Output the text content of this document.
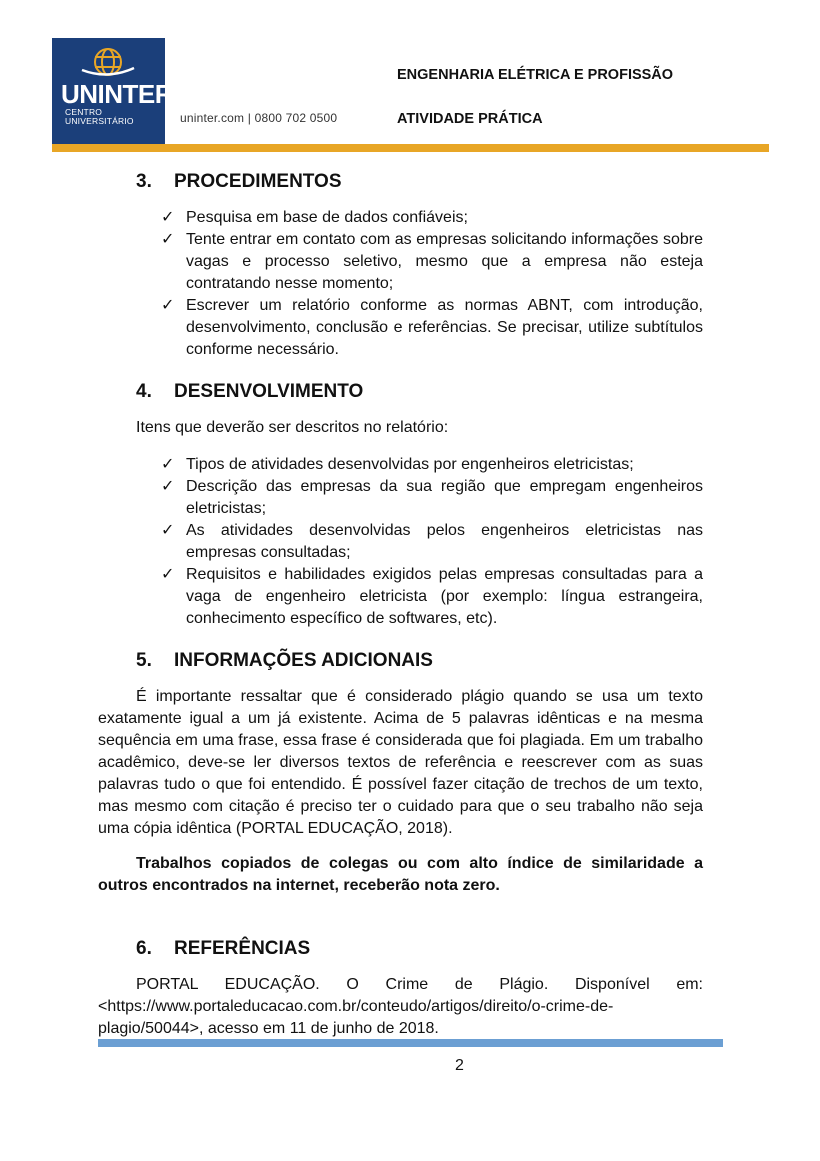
UNINTER
CENTRO
UNIVERSITÁRIO	uninter.com | 0800 702 0500
ENGENHARIA ELÉTRICA E PROFISSÃO
ATIVIDADE PRÁTICA
3. PROCEDIMENTOS
✓ Pesquisa em base de dados confiáveis;
✓ Tente entrar em contato com as empresas solicitando informações sobre vagas e processo seletivo, mesmo que a empresa não esteja contratando nesse momento;
✓ Escrever um relatório conforme as normas ABNT, com introdução, desenvolvimento, conclusão e referências. Se precisar, utilize subtítulos conforme necessário.
4. DESENVOLVIMENTO

Itens que deverão ser descritos no relatório:

✓ Tipos de atividades desenvolvidas por engenheiros eletricistas;
✓ Descrição das empresas da sua região que empregam engenheiros eletricistas;
✓ As atividades desenvolvidas pelos engenheiros eletricistas nas empresas consultadas;
✓ Requisitos e habilidades exigidos pelas empresas consultadas para a vaga de engenheiro eletricista (por exemplo: língua estrangeira, conhecimento específico de softwares, etc).
5. INFORMAÇÕES ADICIONAIS

É importante ressaltar que é considerado plágio quando se usa um texto exatamente igual a um já existente. Acima de 5 palavras idênticas e na mesma sequência em uma frase, essa frase é considerada que foi plagiada. Em um trabalho acadêmico, deve-se ler diversos textos de referência e reescrever com as suas palavras tudo o que foi entendido. É possível fazer citação de trechos de um texto, mas mesmo com citação é preciso ter o cuidado para que o seu trabalho não seja uma cópia idêntica (PORTAL EDUCAÇÃO, 2018).

Trabalhos copiados de colegas ou com alto índice de similaridade a outros encontrados na internet, receberão nota zero.

6. REFERÊNCIAS

PORTAL EDUCAÇÃO. O Crime de Plágio. Disponível em: <https://www.portaleducacao.com.br/conteudo/artigos/direito/o-crime-de-plagio/50044>, acesso em 11 de junho de 2018.

2
